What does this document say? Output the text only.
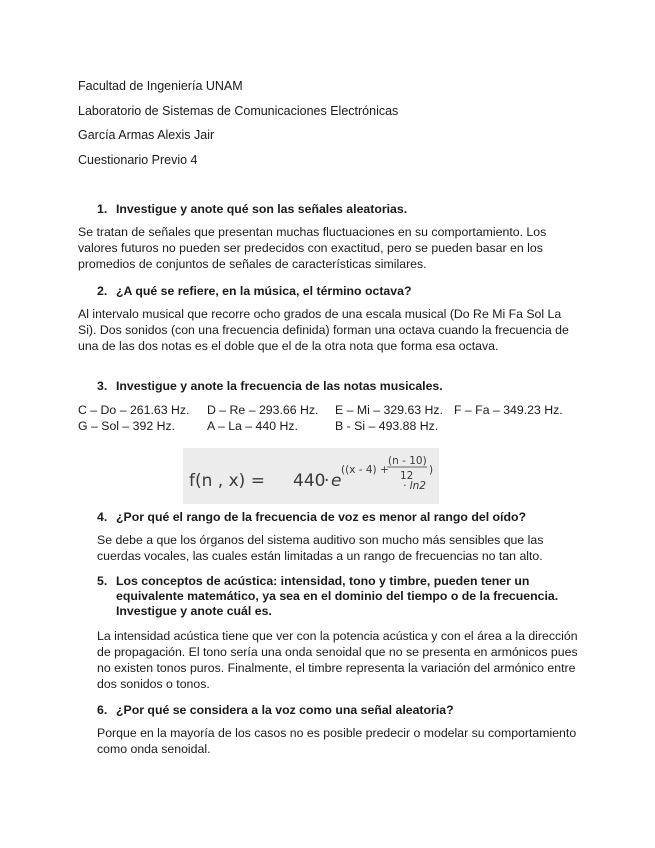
Facultad de Ingeniería UNAM
Laboratorio de Sistemas de Comunicaciones Electrónicas
García Armas Alexis Jair
Cuestionario Previo 4
1. Investigue y anote qué son las señales aleatorias.
Se tratan de señales que presentan muchas fluctuaciones en su comportamiento. Los valores futuros no pueden ser predecidos con exactitud, pero se pueden basar en los promedios de conjuntos de señales de características similares.
2. ¿A qué se refiere, en la música, el término octava?
Al intervalo musical que recorre ocho grados de una escala musical (Do Re Mi Fa Sol La Si). Dos sonidos (con una frecuencia definida) forman una octava cuando la frecuencia de una de las dos notas es el doble que el de la otra nota que forma esa octava.
3. Investigue y anote la frecuencia de las notas musicales.
C – Do – 261.63 Hz. D – Re – 293.66 Hz. E – Mi – 329.63 Hz. F – Fa – 349.23 Hz.
G – Sol – 392 Hz.	A – La – 440 Hz.	B - Si – 493.88 Hz.
f(n , x) = 440
· e
((x - 4) +
(n - 10)
12 )
· ln2
4. ¿Por qué el rango de la frecuencia de voz es menor al rango del oído?
Se debe a que los órganos del sistema auditivo son mucho más sensibles que las cuerdas vocales, las cuales están limitadas a un rango de frecuencias no tan alto.
5. Los conceptos de acústica: intensidad, tono y timbre, pueden tener un equivalente matemático, ya sea en el dominio del tiempo o de la frecuencia. Investigue y anote cuál es.
La intensidad acústica tiene que ver con la potencia acústica y con el área a la dirección de propagación. El tono sería una onda senoidal que no se presenta en armónicos pues no existen tonos puros. Finalmente, el timbre representa la variación del armónico entre dos sonidos o tonos.
6. ¿Por qué se considera a la voz como una señal aleatoria?
Porque en la mayoría de los casos no es posible predecir o modelar su comportamiento como onda senoidal.
